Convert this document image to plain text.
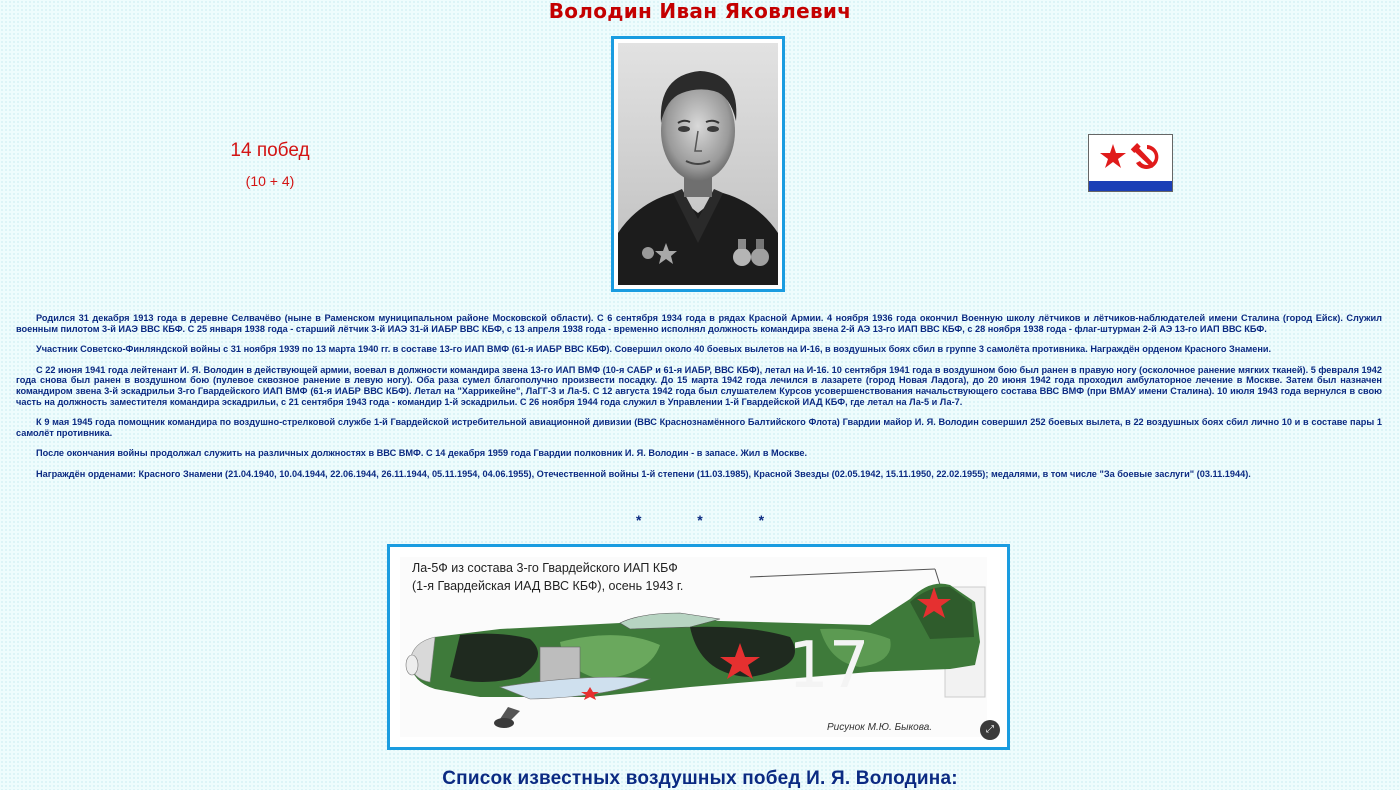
Володин Иван Яковлевич
14 побед
(10 + 4)

Родился 31 декабря 1913 года в деревне Селвачёво (ныне в Раменском муниципальном районе Московской области). С 6 сентября 1934 года в рядах Красной Армии. 4 ноября 1936 года окончил Военную школу лётчиков и лётчиков-наблюдателей имени Сталина (город Ейск). Служил военным пилотом 3-й ИАЭ ВВС КБФ. С 25 января 1938 года - старший лётчик 3-й ИАЭ 31-й ИАБР ВВС КБФ, с 13 апреля 1938 года - временно исполнял должность командира звена 2-й АЭ 13-го ИАП ВВС КБФ, с 28 ноября 1938 года - флаг-штурман 2-й АЭ 13-го ИАП ВВС КБФ.

Участник Советско-Финляндской войны с 31 ноября 1939 по 13 марта 1940 гг. в составе 13-го ИАП ВМФ (61-я ИАБР ВВС КБФ). Совершил около 40 боевых вылетов на И-16, в воздушных боях сбил в группе 3 самолёта противника. Награждён орденом Красного Знамени.

С 22 июня 1941 года лейтенант И. Я. Володин в действующей армии, воевал в должности командира звена 13-го ИАП ВМФ (10-я САБР и 61-я ИАБР, ВВС КБФ), летал на И-16. 10 сентября 1941 года в воздушном бою был ранен в правую ногу (осколочное ранение мягких тканей). 5 февраля 1942 года снова был ранен в воздушном бою (пулевое сквозное ранение в левую ногу). Оба раза сумел благополучно произвести посадку. До 15 марта 1942 года лечился в лазарете (город Новая Ладога), до 20 июня 1942 года проходил амбулаторное лечение в Москве. Затем был назначен командиром звена 3-й эскадрильи 3-го Гвардейского ИАП ВМФ (61-я ИАБР ВВС КБФ). Летал на "Харрикейне", ЛаГГ-3 и Ла-5. С 12 августа 1942 года был слушателем Курсов усовершенствования начальствующего состава ВВС ВМФ (при ВМАУ имени Сталина). 10 июля 1943 года вернулся в свою часть на должность заместителя командира эскадрильи, с 21 сентября 1943 года - командир 1-й эскадрильи. С 26 ноября 1944 года служил в Управлении 1-й Гвардейской ИАД КБФ, где летал на Ла-5 и Ла-7.

К 9 мая 1945 года помощник командира по воздушно-стрелковой службе 1-й Гвардейской истребительной авиационной дивизии (ВВС Краснознамённого Балтийского Флота) Гвардии майор И. Я. Володин совершил 252 боевых вылета, в 22 воздушных боях сбил лично 10 и в составе пары 1 самолёт противника.

После окончания войны продолжал служить на различных должностях в ВВС ВМФ. С 14 декабря 1959 года Гвардии полковник И. Я. Володин - в запасе. Жил в Москве.

Награждён орденами: Красного Знамени (21.04.1940, 10.04.1944, 22.06.1944, 26.11.1944, 05.11.1954, 04.06.1955), Отечественной войны 1-й степени (11.03.1985), Красной Звезды (02.05.1942, 15.11.1950, 22.02.1955); медалями, в том числе "За боевые заслуги" (03.11.1944).

* * *
17
Ла-5Ф из состава 3-го Гвардейского ИАП КБФ
(1-я Гвардейская ИАД ВВС КБФ), осень 1943 г.
Рисунок М.Ю. Быкова.	⤢
Список известных воздушных побед И. Я. Володина:
